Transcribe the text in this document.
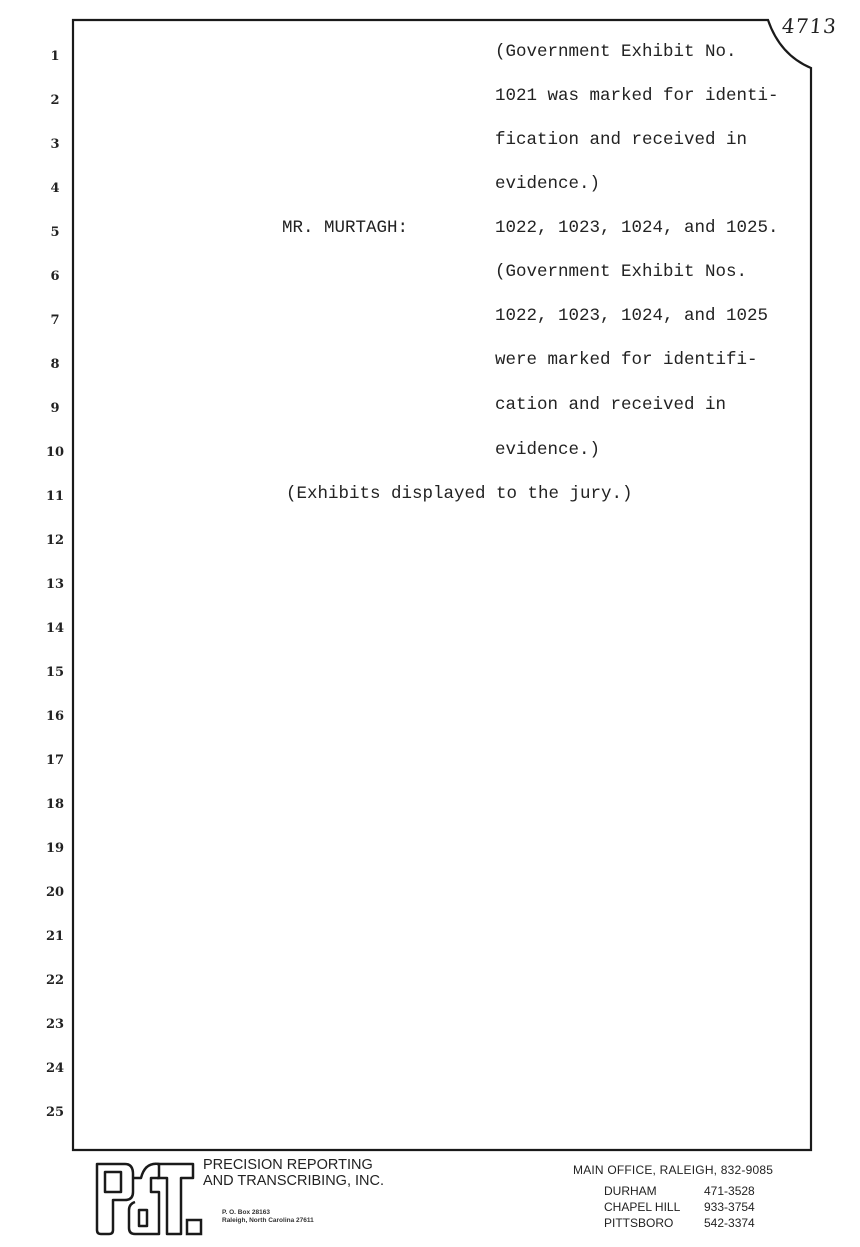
4713
1
2
3
4
5
6
7
8
9
10
11
12
13
14
15
16
17
18
19
20
21
22
23
24
25
(Government Exhibit No.
1021 was marked for identi-
fication and received in
evidence.)
MR. MURTAGH:	1022, 1023, 1024, and 1025.
(Government Exhibit Nos.
1022, 1023, 1024, and 1025
were marked for identifi-
cation and received in
evidence.)
(Exhibits displayed to the jury.)
PRECISION REPORTING
AND TRANSCRIBING, INC.
P. O. Box 28163
Raleigh, North Carolina 27611
MAIN OFFICE, RALEIGH, 832-9085
DURHAM	471-3528
CHAPEL HILL 933-3754
PITTSBORO	542-3374
